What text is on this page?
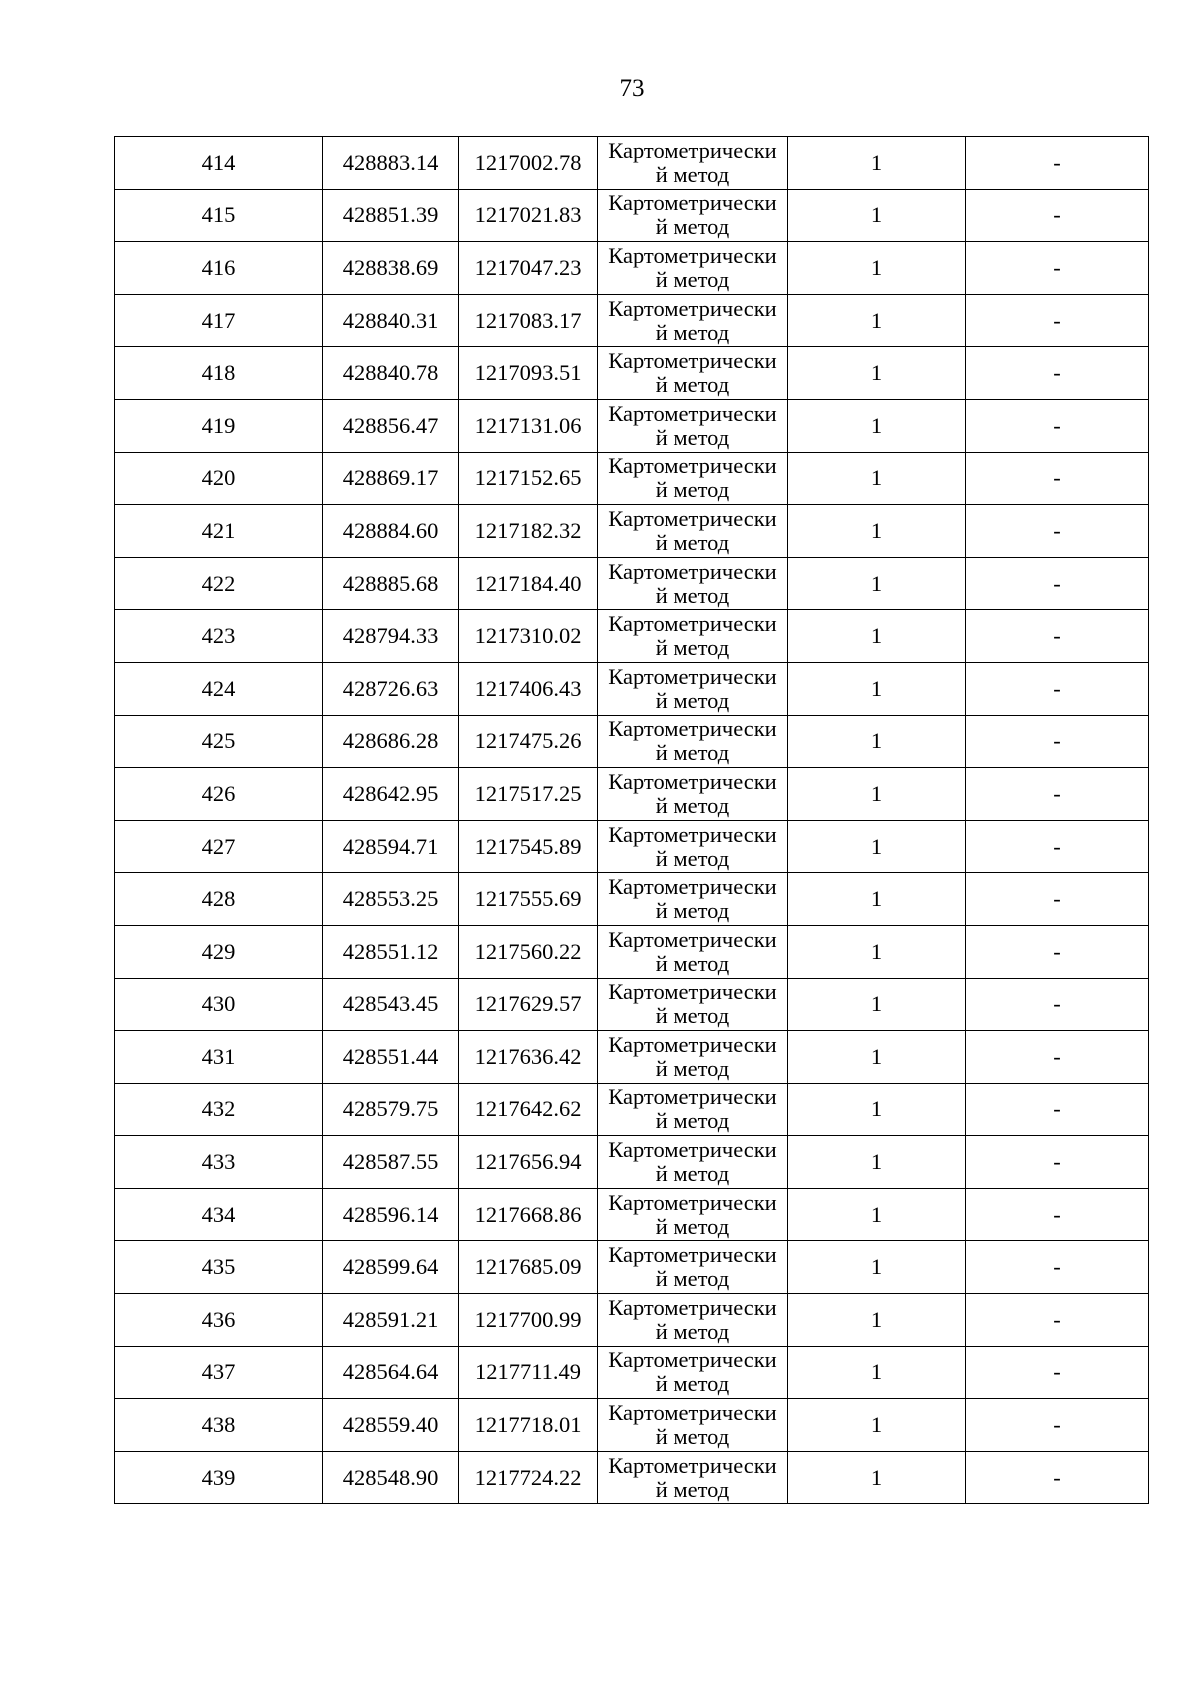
73
414	428883.14	1217002.78	Картометрически
й метод	1	-
415	428851.39	1217021.83	Картометрически
й метод	1	-
416	428838.69	1217047.23	Картометрически
й метод	1	-
417	428840.31	1217083.17	Картометрически
й метод	1	-
418	428840.78	1217093.51	Картометрически
й метод	1	-
419	428856.47	1217131.06	Картометрически
й метод	1	-
420	428869.17	1217152.65	Картометрически
й метод	1	-
421	428884.60	1217182.32	Картометрически
й метод	1	-
422	428885.68	1217184.40	Картометрически
й метод	1	-
423	428794.33	1217310.02	Картометрически
й метод	1	-
424	428726.63	1217406.43	Картометрически
й метод	1	-
425	428686.28	1217475.26	Картометрически
й метод	1	-
426	428642.95	1217517.25	Картометрически
й метод	1	-
427	428594.71	1217545.89	Картометрически
й метод	1	-
428	428553.25	1217555.69	Картометрически
й метод	1	-
429	428551.12	1217560.22	Картометрически
й метод	1	-
430	428543.45	1217629.57	Картометрически
й метод	1	-
431	428551.44	1217636.42	Картометрически
й метод	1	-
432	428579.75	1217642.62	Картометрически
й метод	1	-
433	428587.55	1217656.94	Картометрически
й метод	1	-
434	428596.14	1217668.86	Картометрически
й метод	1	-
435	428599.64	1217685.09	Картометрически
й метод	1	-
436	428591.21	1217700.99	Картометрически
й метод	1	-
437	428564.64	1217711.49	Картометрически
й метод	1	-
438	428559.40	1217718.01	Картометрически
й метод	1	-
439	428548.90	1217724.22	Картометрически
й метод	1	-
